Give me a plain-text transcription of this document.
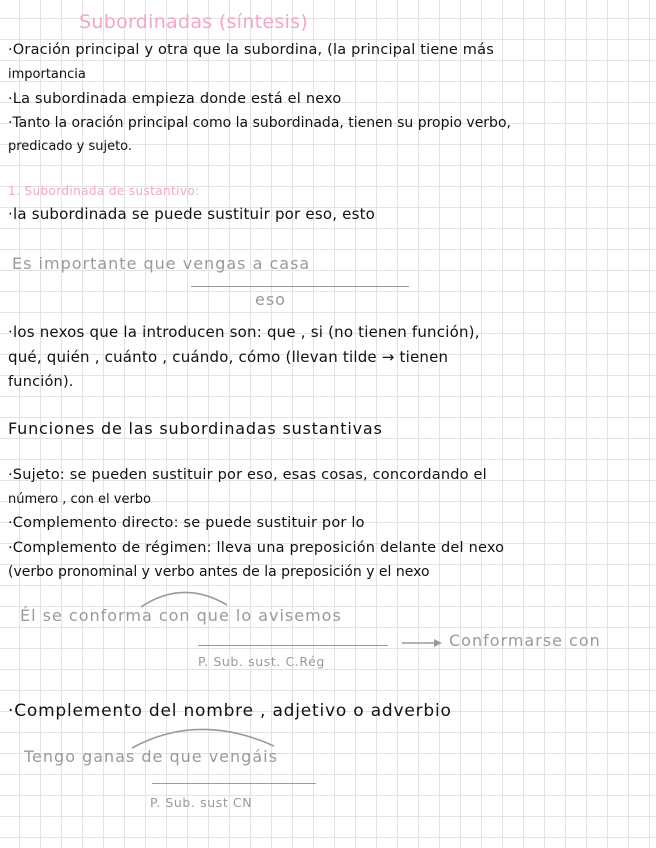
Subordinadas (síntesis)
·Oración principal y otra que la subordina, (la principal tiene más
importancia
·La subordinada empieza donde está el nexo
·Tanto la oración principal como la subordinada, tienen su propio verbo,
predicado y sujeto.
1. Subordinada de sustantivo:
·la subordinada se puede sustituir por eso, esto
Es importante que vengas a casa
eso
·los nexos que la introducen son: que , si (no tienen función),
qué, quién , cuánto , cuándo, cómo (llevan tilde → tienen
función).
Funciones de las subordinadas sustantivas
·Sujeto: se pueden sustituir por eso, esas cosas, concordando el
número , con el verbo
·Complemento directo: se puede sustituir por lo
·Complemento de régimen: lleva una preposición delante del nexo
(verbo pronominal y verbo antes de la preposición y el nexo
Él se conforma con que lo avisemos
Conformarse con
P. Sub. sust. C.Rég
·Complemento del nombre , adjetivo o adverbio
Tengo ganas de que vengáis
P. Sub. sust CN
